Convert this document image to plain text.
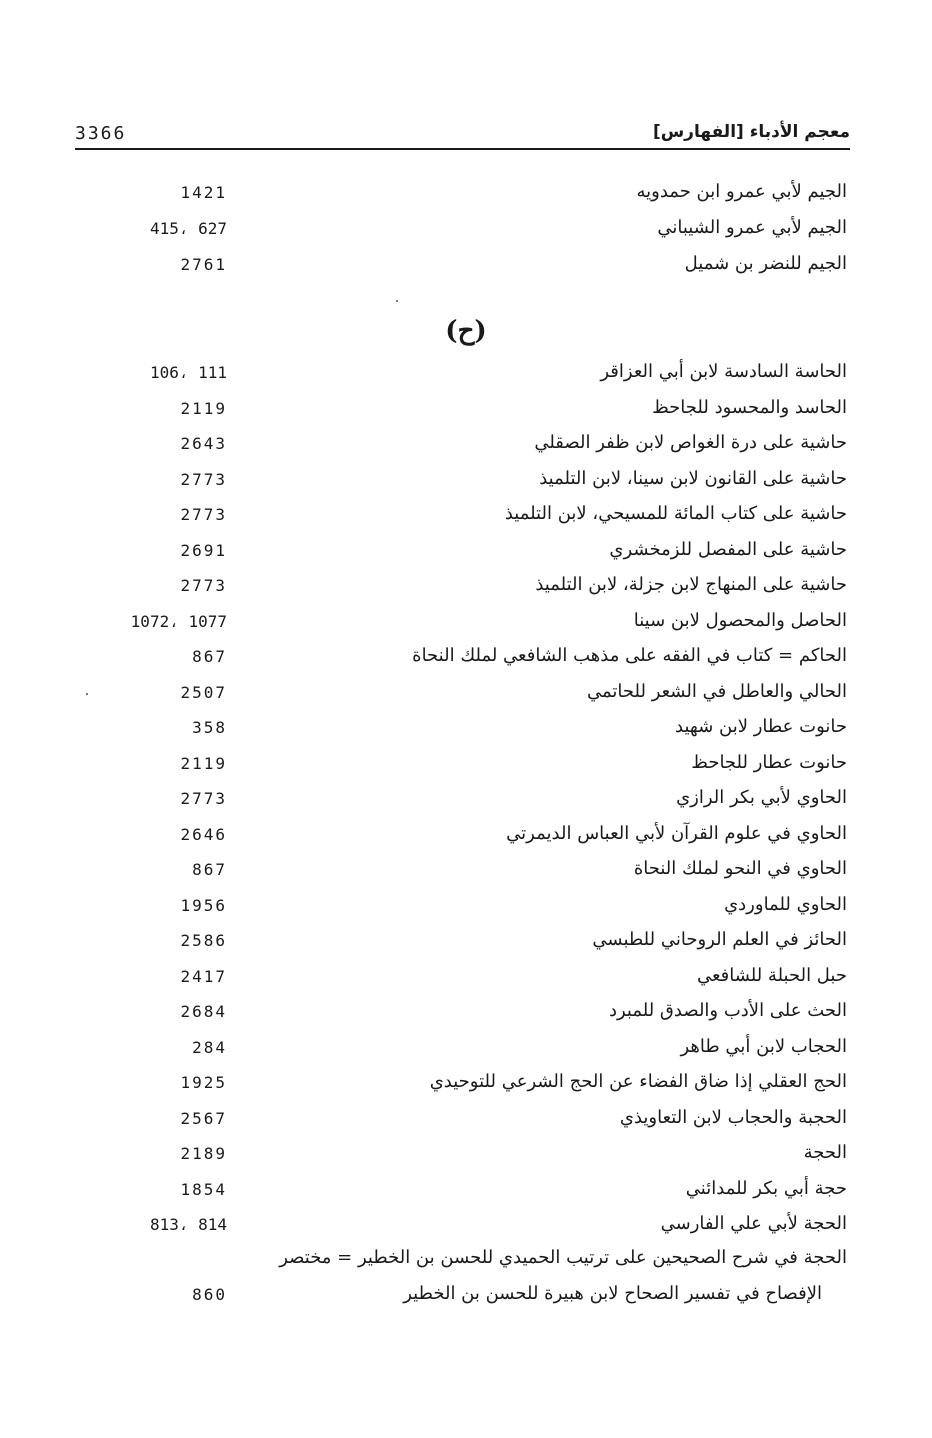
3366	معجم الأدباء [الفهارس]
الجيم لأبي عمرو ابن حمدويه
1421
الجيم لأبي عمرو الشيباني
415، 627
الجيم للنضر بن شميل
2761
(ح)
الحاسة السادسة لابن أبي العزاقر
106، 111
الحاسد والمحسود للجاحظ
2119
حاشية على درة الغواص لابن ظفر الصقلي
2643
حاشية على القانون لابن سينا، لابن التلميذ
2773
حاشية على كتاب المائة للمسيحي، لابن التلميذ
2773
حاشية على المفصل للزمخشري
2691
حاشية على المنهاج لابن جزلة، لابن التلميذ
2773
الحاصل والمحصول لابن سينا
1072، 1077
الحاكم = كتاب في الفقه على مذهب الشافعي لملك النحاة
867
الحالي والعاطل في الشعر للحاتمي
2507
حانوت عطار لابن شهيد
358
حانوت عطار للجاحظ
2119
الحاوي لأبي بكر الرازي
2773
الحاوي في علوم القرآن لأبي العباس الديمرتي
2646
الحاوي في النحو لملك النحاة
867
الحاوي للماوردي
1956
الحائز في العلم الروحاني للطبسي
2586
حبل الحبلة للشافعي
2417
الحث على الأدب والصدق للمبرد
2684
الحجاب لابن أبي طاهر
284
الحج العقلي إذا ضاق الفضاء عن الحج الشرعي للتوحيدي
1925
الحجبة والحجاب لابن التعاويذي
2567
الحجة
2189
حجة أبي بكر للمدائني
1854
الحجة لأبي علي الفارسي
813، 814
الحجة في شرح الصحيحين على ترتيب الحميدي للحسن بن الخطير = مختصر
الإفصاح في تفسير الصحاح لابن هبيرة للحسن بن الخطير
860
